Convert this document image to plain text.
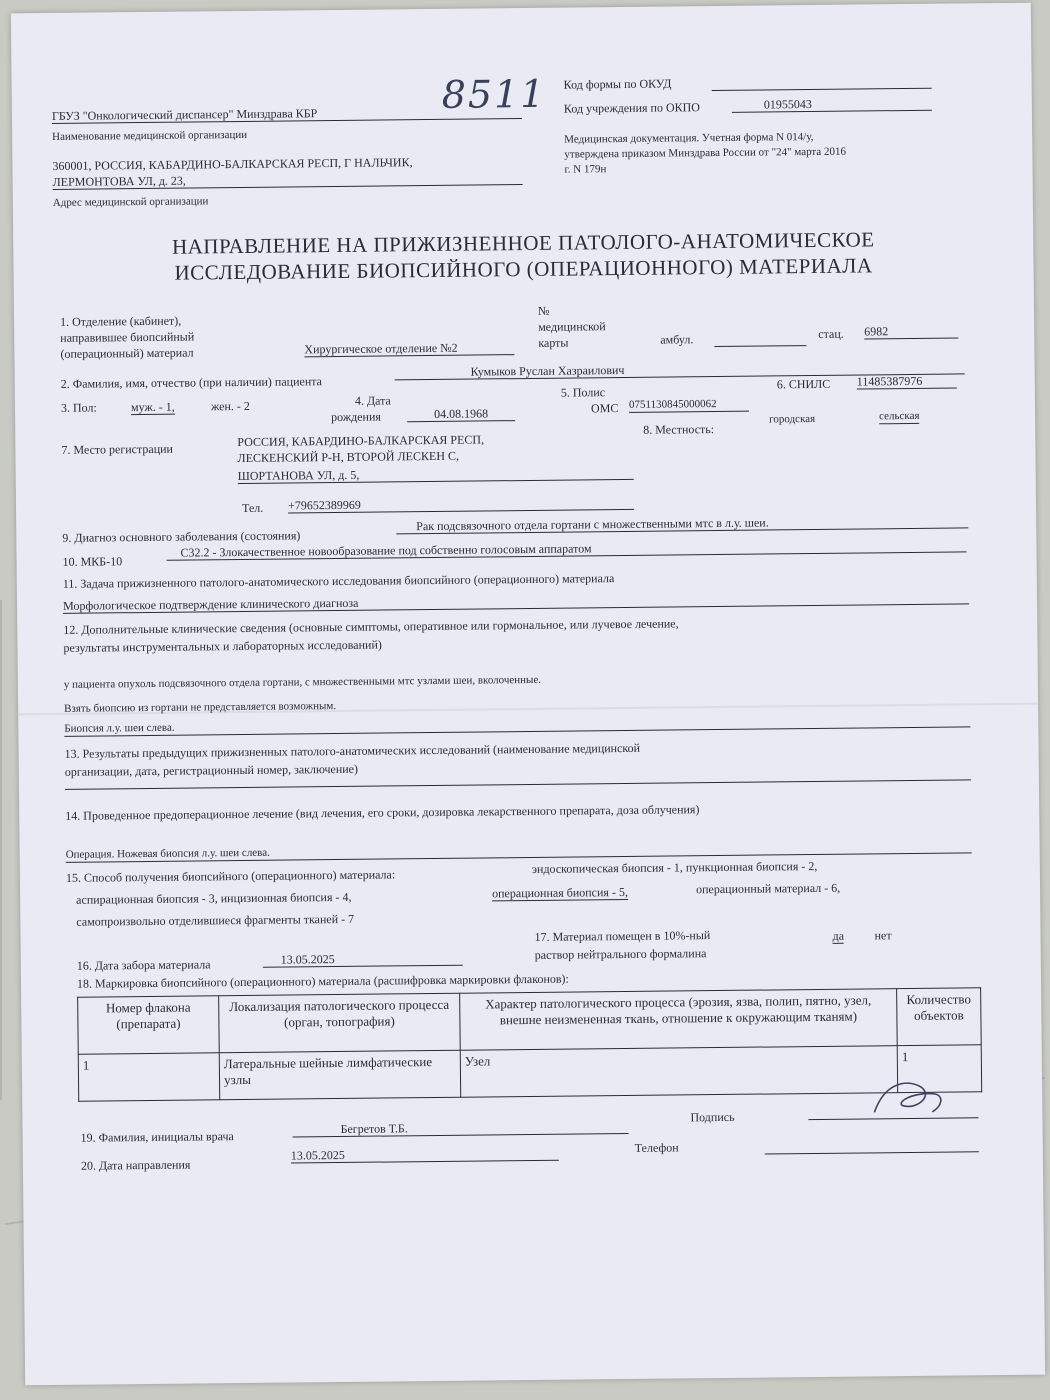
ГБУЗ "Онкологический диспансер" Минздрава КБР
Наименование медицинской организации
360001, РОССИЯ, КАБАРДИНО-БАЛКАРСКАЯ РЕСП, Г НАЛЬЧИК,
ЛЕРМОНТОВА УЛ, д. 23,
Адрес медицинской организации
8511 Код формы по ОКУД
Код учреждения по ОКПО	01955043
Медицинская документация. Учетная форма N 014/у,
утверждена приказом Минздрава России от "24" марта 2016
г. N 179н
НАПРАВЛЕНИЕ НА ПРИЖИЗНЕННОЕ ПАТОЛОГО-АНАТОМИЧЕСКОЕ
ИССЛЕДОВАНИЕ БИОПСИЙНОГО (ОПЕРАЦИОННОГО) МАТЕРИАЛА
1. Отделение (кабинет),
направившее биопсийный
(операционный) материал	Хирургическое отделение №2
№
медицинской
карты	амбул.	стац. 6982
2. Фамилия, имя, отчество (при наличии) пациента
Кумыков Руслан Хазраилович
3. Пол:	муж. - 1,	жен. - 2	4. Дата
рождения	04.08.1968
5. Полис
ОМС 0751130845000062
6. СНИЛС 11485387976
7. Место регистрации
РОССИЯ, КАБАРДИНО-БАЛКАРСКАЯ РЕСП,
ЛЕСКЕНСКИЙ Р-Н, ВТОРОЙ ЛЕСКЕН С,
ШОРТАНОВА УЛ, д. 5,
Тел. +79652389969
8. Местность:
городская	сельская
9. Диагноз основного заболевания (состояния)
Рак подсвязочного отдела гортани с множественными мтс в л.у. шеи.
10. МКБ-10
С32.2 - Злокачественное новообразование под собственно голосовым аппаратом
11. Задача прижизненного патолого-анатомического исследования биопсийного (операционного) материала
Морфологическое подтверждение клинического диагноза
12. Дополнительные клинические сведения (основные симптомы, оперативное или гормональное, или лучевое лечение,
результаты инструментальных и лабораторных исследований)
у пациента опухоль подсвязочного отдела гортани, с множественными мтс узлами шеи, вколоченные.
Взять биопсию из гортани не представляется возможным.
Биопсия л.у. шеи слева.
13. Результаты предыдущих прижизненных патолого-анатомических исследований (наименование медицинской
организации, дата, регистрационный номер, заключение)
14. Проведенное предоперационное лечение (вид лечения, его сроки, дозировка лекарственного препарата, доза облучения)
Операция. Ножевая биопсия л.у. шеи слева.
15. Способ получения биопсийного (операционного) материала:	эндоскопическая биопсия - 1, пункционная биопсия - 2,
аспирационная биопсия - 3, инцизионная биопсия - 4,	операционная биопсия - 5,	операционный материал - 6,
самопроизвольно отделившиеся фрагменты тканей - 7
16. Дата забора материала	13.05.2025
17. Материал помещен в 10%-ный
раствор нейтрального формалина
да	нет
18. Маркировка биопсийного (операционного) материала (расшифровка маркировки флаконов):
Номер флакона (препарата)	Локализация патологического процесса (орган, топография)	Характер патологического процесса (эрозия, язва, полип, пятно, узел, внешне неизмененная ткань, отношение к окружающим тканям)	Количество объектов
1	Латеральные шейные лимфатические узлы	Узел	1
19. Фамилия, инициалы врача
Бегретов Т.Б.
Подпись
20. Дата направления
13.05.2025
Телефон
